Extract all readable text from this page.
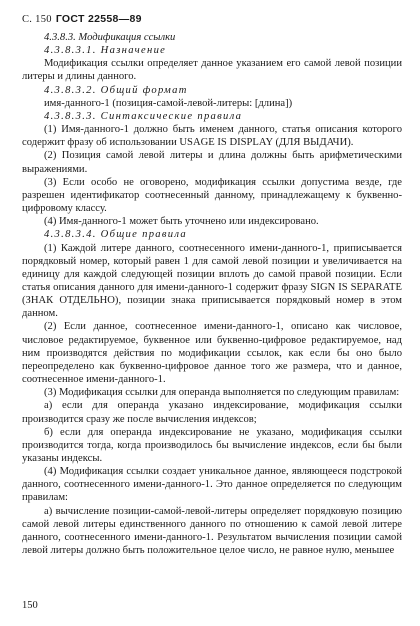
С. 150 ГОСТ 22558—89

4.3.8.3. Модификация ссылки

4.3.8.3.1. Назначение

Модификация ссылки определяет данное указанием его самой левой позиции литеры и длины данного.

4.3.8.3.2. Общий формат

имя-данного-1 (позиция-самой-левой-литеры: [длина])

4.3.8.3.3. Синтаксические правила

(1) Имя-данного-1 должно быть именем данного, статья описания которого содержит фразу об использовании USAGE IS DISPLAY (ДЛЯ ВЫДАЧИ).

(2) Позиция самой левой литеры и длина должны быть арифметическими выражениями.

(3) Если особо не оговорено, модификация ссылки допустима везде, где разрешен идентификатор соотнесенный данному, принадлежащему к буквенно-цифровому классу.

(4) Имя-данного-1 может быть уточнено или индексировано.

4.3.8.3.4. Общие правила

(1) Каждой литере данного, соотнесенного имени-данного-1, приписывается порядковый номер, который равен 1 для самой левой позиции и увеличивается на единицу для каждой следующей позиции вплоть до самой правой позиции. Если статья описания данного для имени-данного-1 содержит фразу SIGN IS SEPARATE (ЗНАК ОТДЕЛЬНО), позиции знака приписывается порядковый номер в этом данном.

(2) Если данное, соотнесенное имени-данного-1, описано как числовое, числовое редактируемое, буквенное или буквенно-цифровое редактируемое, над ним производятся действия по модификации ссылок, как если бы оно было переопределено как буквенно-цифровое данное того же размера, что и данное, соотнесенное имени-данного-1.

(3) Модификация ссылки для операнда выполняется по следующим правилам:

а) если для операнда указано индексирование, модификация ссылки производится сразу же после вычисления индексов;

б) если для операнда индексирование не указано, модификация ссылки производится тогда, когда производилось бы вычисление индексов, если бы были указаны индексы.

(4) Модификация ссылки создает уникальное данное, являющееся подстрокой данного, соотнесенного имени-данного-1. Это данное определяется по следующим правилам:

а) вычисление позиции-самой-левой-литеры определяет порядковую позицию самой левой литеры единственного данного по отношению к самой левой литере данного, соотнесенного имени-данного-1. Результатом вычисления позиции самой левой литеры должно быть положительное целое число, не равное нулю, меньшее

150
